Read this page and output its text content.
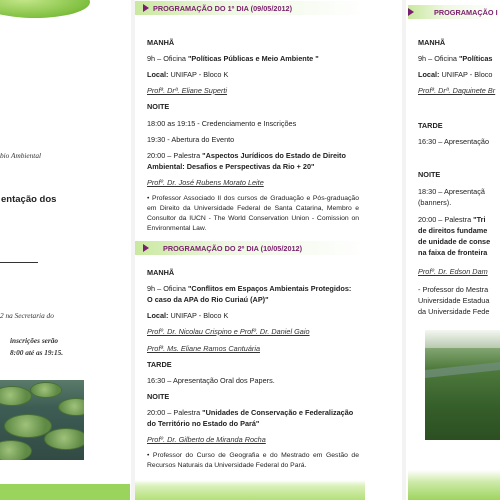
bio Ambiental
entação dos
2 na Secretaria do
inscrições serão
8:00 até as 19:15.
PROGRAMAÇÃO DO 1º DIA (09/05/2012)
MANHÃ
9h – Oficina "Políticas Públicas e Meio Ambiente "
Local: UNIFAP - Bloco K
Profª. Drª. Eliane Superti
NOITE
18:00 as 19:15 - Credenciamento e Inscrições
19:30 - Abertura do Evento
20:00 – Palestra "Aspectos Jurídicos do Estado de Direito
Ambiental: Desafios e Perspectivas da Rio + 20"
Profº. Dr. José Rubens Morato Leite
• Professor Associado II dos cursos de Graduação e Pós-graduação em Direito da Universidade Federal de Santa Catarina, Membro e Consultor da IUCN - The World Conservation Union - Comission on Environmental Law.
PROGRAMAÇÃO DO 2º DIA (10/05/2012)
MANHÃ
9h – Oficina "Conflitos em Espaços Ambientais Protegidos:
O caso da APA do Rio Curiaú (AP)"
Local: UNIFAP - Bloco K
Profº. Dr. Nicolau Crispino e Profº. Dr. Daniel Gaio
Profª. Ms. Eliane Ramos Cantuária
TARDE
16:30 – Apresentação Oral dos Papers.
NOITE
20:00 – Palestra "Unidades de Conservação e Federalização
do Território no Estado do Pará"
Profº. Dr. Gilberto de Miranda Rocha
• Professor do Curso de Geografia e do Mestrado em Gestão de Recursos Naturais da Universidade Federal do Pará.
PROGRAMAÇÃO I
MANHÃ
9h – Oficina "Políticas
Local: UNIFAP - Bloco
Profª. Drª. Daguinete Br
TARDE
16:30 – Apresentação
NOITE
18:30 – Apresentaçã
(banners).
20:00 – Palestra "Tri
de direitos fundame
de unidade de conse
na faixa de fronteira
Profº. Dr. Edson Dam
- Professor do Mestra
Universidade Estadua
da Universidade Fede
